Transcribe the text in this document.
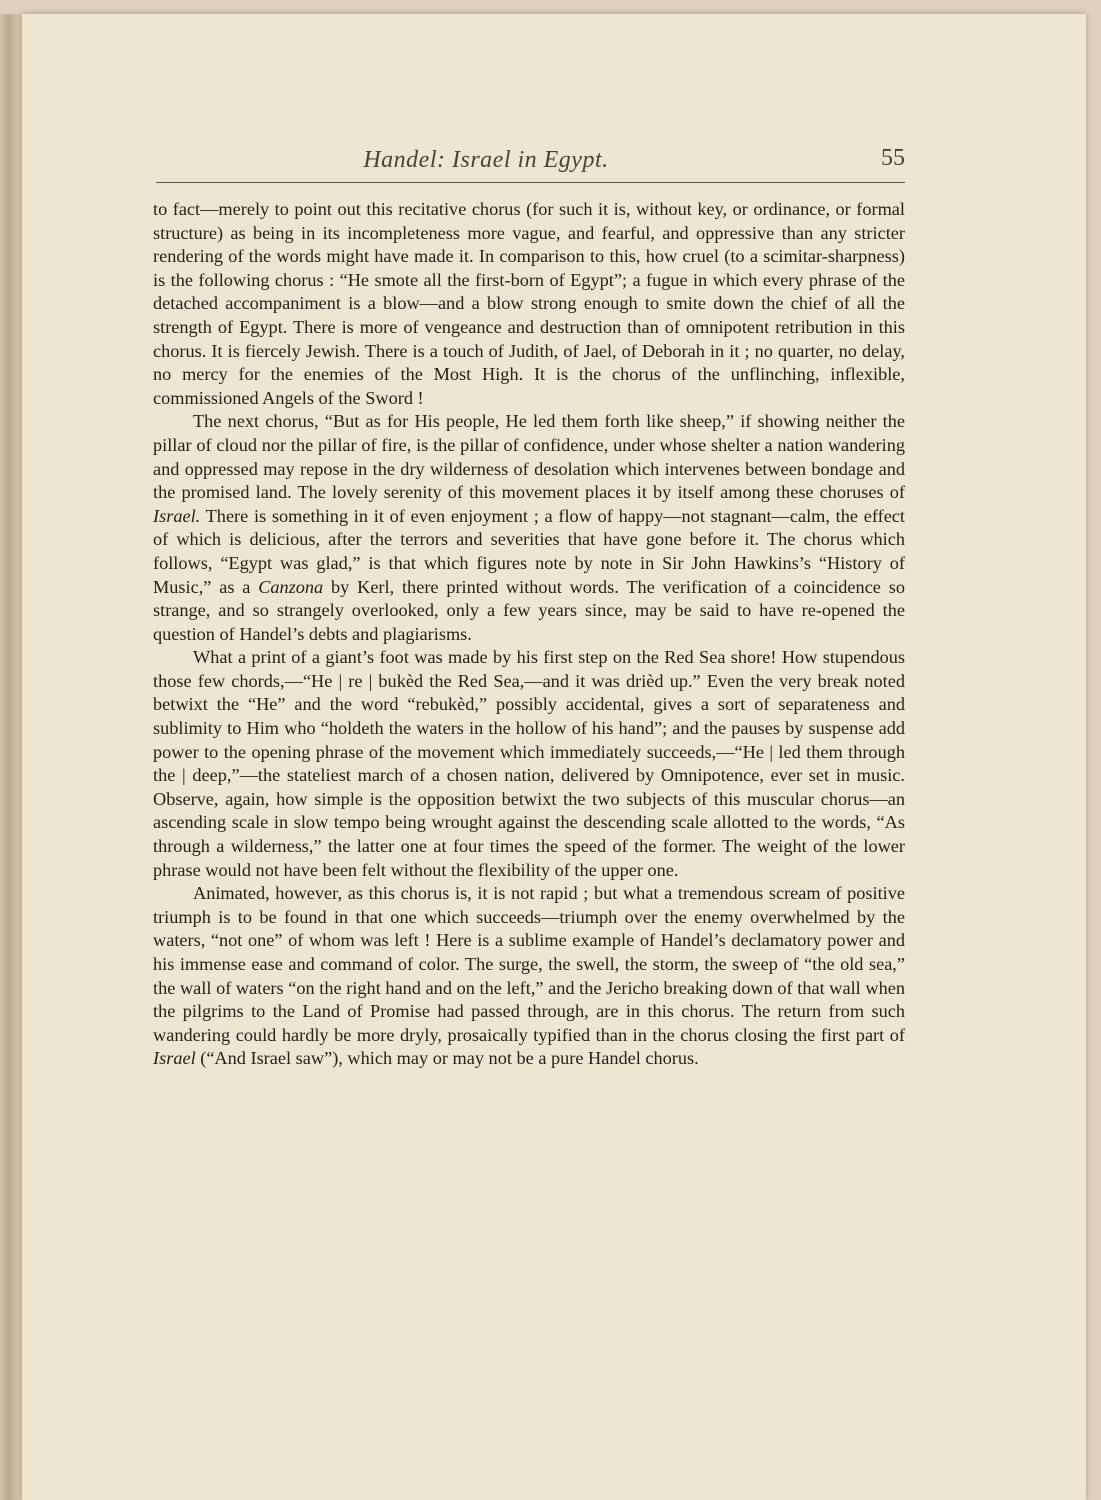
Handel: Israel in Egypt.	55

to fact—merely to point out this recitative chorus (for such it is, without key, or ordinance, or formal structure) as being in its incompleteness more vague, and fearful, and oppressive than any stricter rendering of the words might have made it. In comparison to this, how cruel (to a scimitar-sharpness) is the following chorus : “He smote all the first-born of Egypt”; a fugue in which every phrase of the detached accompaniment is a blow—and a blow strong enough to smite down the chief of all the strength of Egypt. There is more of vengeance and destruction than of omnipotent retribution in this chorus. It is fiercely Jewish. There is a touch of Judith, of Jael, of Deborah in it ; no quarter, no delay, no mercy for the enemies of the Most High. It is the chorus of the unflinching, inflexible, commissioned Angels of the Sword !

The next chorus, “But as for His people, He led them forth like sheep,” if showing neither the pillar of cloud nor the pillar of fire, is the pillar of confidence, under whose shelter a nation wandering and oppressed may repose in the dry wilderness of desolation which intervenes between bondage and the promised land. The lovely serenity of this movement places it by itself among these choruses of Israel. There is something in it of even enjoyment ; a flow of happy—not stagnant—calm, the effect of which is delicious, after the terrors and severities that have gone before it. The chorus which follows, “Egypt was glad,” is that which figures note by note in Sir John Hawkins’s “History of Music,” as a Canzona by Kerl, there printed without words. The verification of a coincidence so strange, and so strangely overlooked, only a few years since, may be said to have re-opened the question of Handel’s debts and plagiarisms.

What a print of a giant’s foot was made by his first step on the Red Sea shore! How stupendous those few chords,—“He | re | bukèd the Red Sea,—and it was drièd up.” Even the very break noted betwixt the “He” and the word “rebukèd,” possibly accidental, gives a sort of separateness and sublimity to Him who “holdeth the waters in the hollow of his hand”; and the pauses by suspense add power to the opening phrase of the movement which immediately succeeds,—“He | led them through the | deep,”—the stateliest march of a chosen nation, delivered by Omnipotence, ever set in music. Observe, again, how simple is the opposition betwixt the two subjects of this muscular chorus—an ascending scale in slow tempo being wrought against the descending scale allotted to the words, “As through a wilderness,” the latter one at four times the speed of the former. The weight of the lower phrase would not have been felt without the flexibility of the upper one.

Animated, however, as this chorus is, it is not rapid ; but what a tremendous scream of positive triumph is to be found in that one which succeeds—triumph over the enemy overwhelmed by the waters, “not one” of whom was left ! Here is a sublime example of Handel’s declamatory power and his immense ease and command of color. The surge, the swell, the storm, the sweep of “the old sea,” the wall of waters “on the right hand and on the left,” and the Jericho breaking down of that wall when the pilgrims to the Land of Promise had passed through, are in this chorus. The return from such wandering could hardly be more dryly, prosaically typified than in the chorus closing the first part of Israel (“And Israel saw”), which may or may not be a pure Handel chorus.
